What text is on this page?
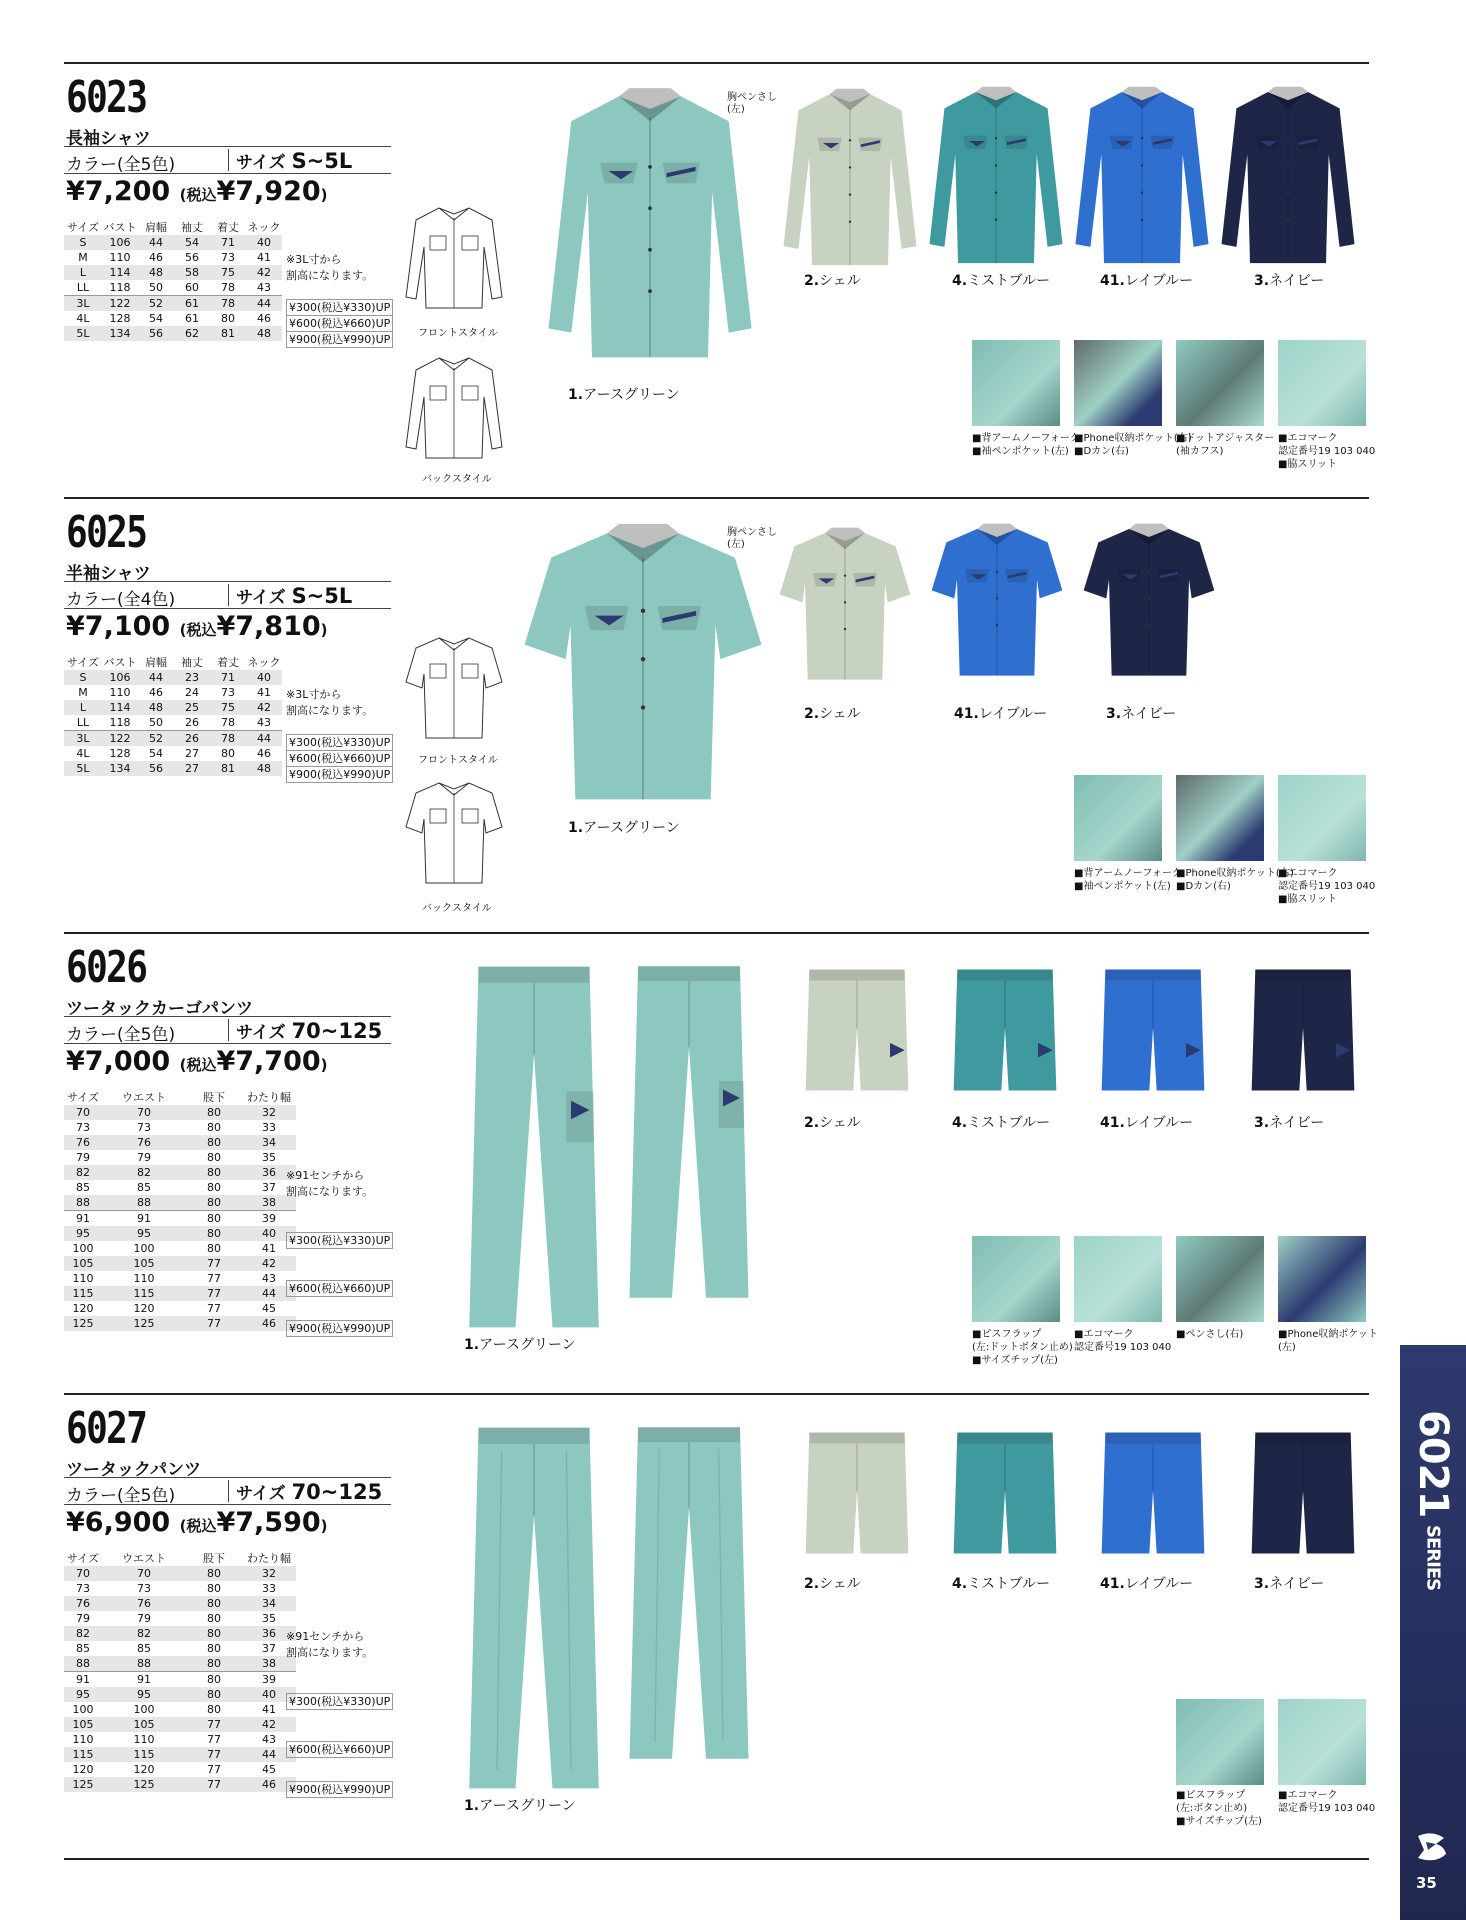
6023
長袖シャツ
カラー(全5色)	サイズ S~5L
¥7,200 (税込¥7,920)
サイズ	バスト	肩幅	袖丈	着丈	ネック
S	106	44	54	71	40
M	110	46	56	73	41
L	114	48	58	75	42
LL	118	50	60	78	43
3L	122	52	61	78	44
4L	128	54	61	80	46
5L	134	56	62	81	48
※3L寸から
割高になります。
¥300(税込¥330)UP
¥600(税込¥660)UP
¥900(税込¥990)UP	フロントスタイル
バックスタイル
胸ペンさし
(左)
1.アースグリーン
2.シェル	4.ミストブルー	41.レイブルー	3.ネイビー
■背アームノーフォーク
■袖ペンポケット(左)
■Phone収納ポケット(右)
■Dカン(右)
■ドットアジャスター
(袖カフス)
■エコマーク
認定番号19 103 040
■脇スリット
6025
半袖シャツ
カラー(全4色)	サイズ S~5L
¥7,100 (税込¥7,810)
サイズ	バスト	肩幅	袖丈	着丈	ネック
S	106	44	23	71	40
M	110	46	24	73	41
L	114	48	25	75	42
LL	118	50	26	78	43
3L	122	52	26	78	44
4L	128	54	27	80	46
5L	134	56	27	81	48
※3L寸から
割高になります。
¥300(税込¥330)UP
¥600(税込¥660)UP
¥900(税込¥990)UP
フロントスタイル
バックスタイル
胸ペンさし
(左)
1.アースグリーン
2.シェル	41.レイブルー	3.ネイビー
■背アームノーフォーク
■袖ペンポケット(左)
■Phone収納ポケット(右)
■Dカン(右)
■エコマーク
認定番号19 103 040
■脇スリット
6026
ツータックカーゴパンツ
カラー(全5色)	サイズ 70~125
¥7,000 (税込¥7,700)
サイズ	ウエスト	股下	わたり幅
70	70	80	32
73	73	80	33
76	76	80	34
79	79	80	35
82	82	80	36
85	85	80	37
88	88	80	38
91	91	80	39
95	95	80	40
100	100	80	41
105	105	77	42
110	110	77	43
115	115	77	44
120	120	77	45
125	125	77	46
※91センチから
割高になります。
¥300(税込¥330)UP
¥600(税込¥660)UP
¥900(税込¥990)UP
1.アースグリーン
2.シェル	4.ミストブルー	41.レイブルー	3.ネイビー
■ピスフラップ
(左:ドットボタン止め)
■サイズチップ(左)
■エコマーク
認定番号19 103 040
■ペンさし(右)	■Phone収納ポケット
(左)
6027
ツータックパンツ
カラー(全5色)	サイズ 70~125
¥6,900 (税込¥7,590)
サイズ	ウエスト	股下	わたり幅
70	70	80	32
73	73	80	33
76	76	80	34
79	79	80	35
82	82	80	36
85	85	80	37
88	88	80	38
91	91	80	39
95	95	80	40
100	100	80	41
105	105	77	42
110	110	77	43
115	115	77	44
120	120	77	45
125	125	77	46
※91センチから
割高になります。
¥300(税込¥330)UP
¥600(税込¥660)UP
¥900(税込¥990)UP
1.アースグリーン
2.シェル	4.ミストブルー	41.レイブルー	3.ネイビー
■ピスフラップ
(左:ボタン止め)
■サイズチップ(左)
■エコマーク
認定番号19 103 040
6021
SERIES
35
